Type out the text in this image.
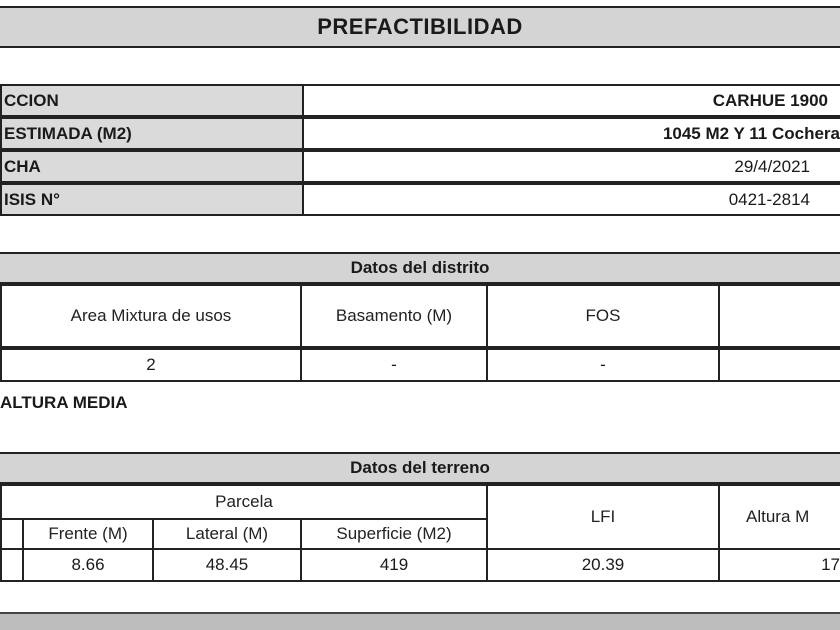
PREFACTIBILIDAD
CCION	CARHUE 1900
ESTIMADA (M2)	1045 M2 Y 11 Cochera
CHA	29/4/2021
ISIS N°	0421-2814
Datos del distrito
Area Mixtura de usos	Basamento (M)	FOS
2	-	-
ALTURA MEDIA
Datos del terreno
Parcela
Frente (M)	Lateral (M)	Superficie (M2)
LFI	Altura M
8.66	48.45	419	20.39	17
